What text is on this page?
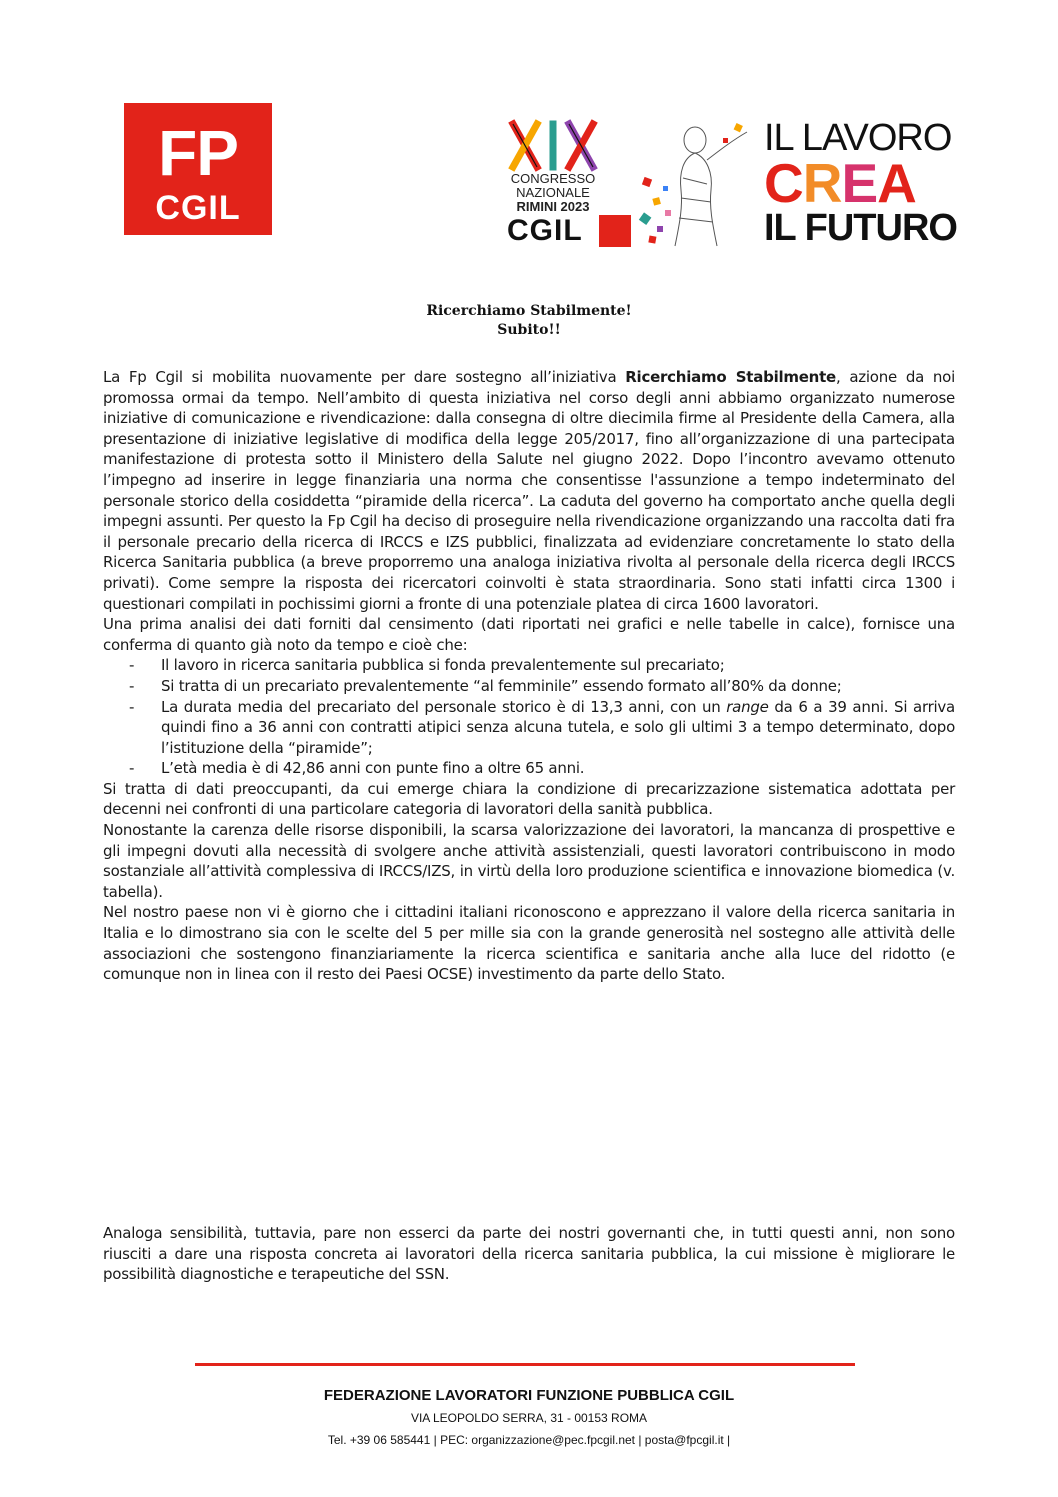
FP
CGIL
CONGRESSO
NAZIONALE
RIMINI 2023
CGIL
IL LAVORO
CREA
IL FUTURO
Ricerchiamo Stabilmente!
Subito!!

La Fp Cgil si mobilita nuovamente per dare sostegno all’iniziativa Ricerchiamo Stabilmente, azione da noi promossa ormai da tempo. Nell’ambito di questa iniziativa nel corso degli anni abbiamo organizzato numerose iniziative di comunicazione e rivendicazione: dalla consegna di oltre diecimila firme al Presidente della Camera, alla presentazione di iniziative legislative di modifica della legge 205/2017, fino all’organizzazione di una partecipata manifestazione di protesta sotto il Ministero della Salute nel giugno 2022. Dopo l’incontro avevamo ottenuto l’impegno ad inserire in legge finanziaria una norma che consentisse l'assunzione a tempo indeterminato del personale storico della cosiddetta “piramide della ricerca”. La caduta del governo ha comportato anche quella degli impegni assunti. Per questo la Fp Cgil ha deciso di proseguire nella rivendicazione organizzando una raccolta dati fra il personale precario della ricerca di IRCCS e IZS pubblici, finalizzata ad evidenziare concretamente lo stato della Ricerca Sanitaria pubblica (a breve proporremo una analoga iniziativa rivolta al personale della ricerca degli IRCCS privati). Come sempre la risposta dei ricercatori coinvolti è stata straordinaria. Sono stati infatti circa 1300 i questionari compilati in pochissimi giorni a fronte di una potenziale platea di circa 1600 lavoratori.

Una prima analisi dei dati forniti dal censimento (dati riportati nei grafici e nelle tabelle in calce), fornisce una conferma di quanto già noto da tempo e cioè che:

- Il lavoro in ricerca sanitaria pubblica si fonda prevalentemente sul precariato;
- Si tratta di un precariato prevalentemente “al femminile” essendo formato all’80% da donne;
- La durata media del precariato del personale storico è di 13,3 anni, con un range da 6 a 39 anni. Si arriva quindi fino a 36 anni con contratti atipici senza alcuna tutela, e solo gli ultimi 3 a tempo determinato, dopo l’istituzione della “piramide”;
- L’età media è di 42,86 anni con punte fino a oltre 65 anni.

Si tratta di dati preoccupanti, da cui emerge chiara la condizione di precarizzazione sistematica adottata per decenni nei confronti di una particolare categoria di lavoratori della sanità pubblica.

Nonostante la carenza delle risorse disponibili, la scarsa valorizzazione dei lavoratori, la mancanza di prospettive e gli impegni dovuti alla necessità di svolgere anche attività assistenziali, questi lavoratori contribuiscono in modo sostanziale all’attività complessiva di IRCCS/IZS, in virtù della loro produzione scientifica e innovazione biomedica (v. tabella).

Nel nostro paese non vi è giorno che i cittadini italiani riconoscono e apprezzano il valore della ricerca sanitaria in Italia e lo dimostrano sia con le scelte del 5 per mille sia con la grande generosità nel sostegno alle attività delle associazioni che sostengono finanziariamente la ricerca scientifica e sanitaria anche alla luce del ridotto (e comunque non in linea con il resto dei Paesi OCSE) investimento da parte dello Stato.

Analoga sensibilità, tuttavia, pare non esserci da parte dei nostri governanti che, in tutti questi anni, non sono riusciti a dare una risposta concreta ai lavoratori della ricerca sanitaria pubblica, la cui missione è migliorare le possibilità diagnostiche e terapeutiche del SSN.

FEDERAZIONE LAVORATORI FUNZIONE PUBBLICA CGIL
VIA LEOPOLDO SERRA, 31 - 00153 ROMA
Tel. +39 06 585441 | PEC: organizzazione@pec.fpcgil.net | posta@fpcgil.it |
